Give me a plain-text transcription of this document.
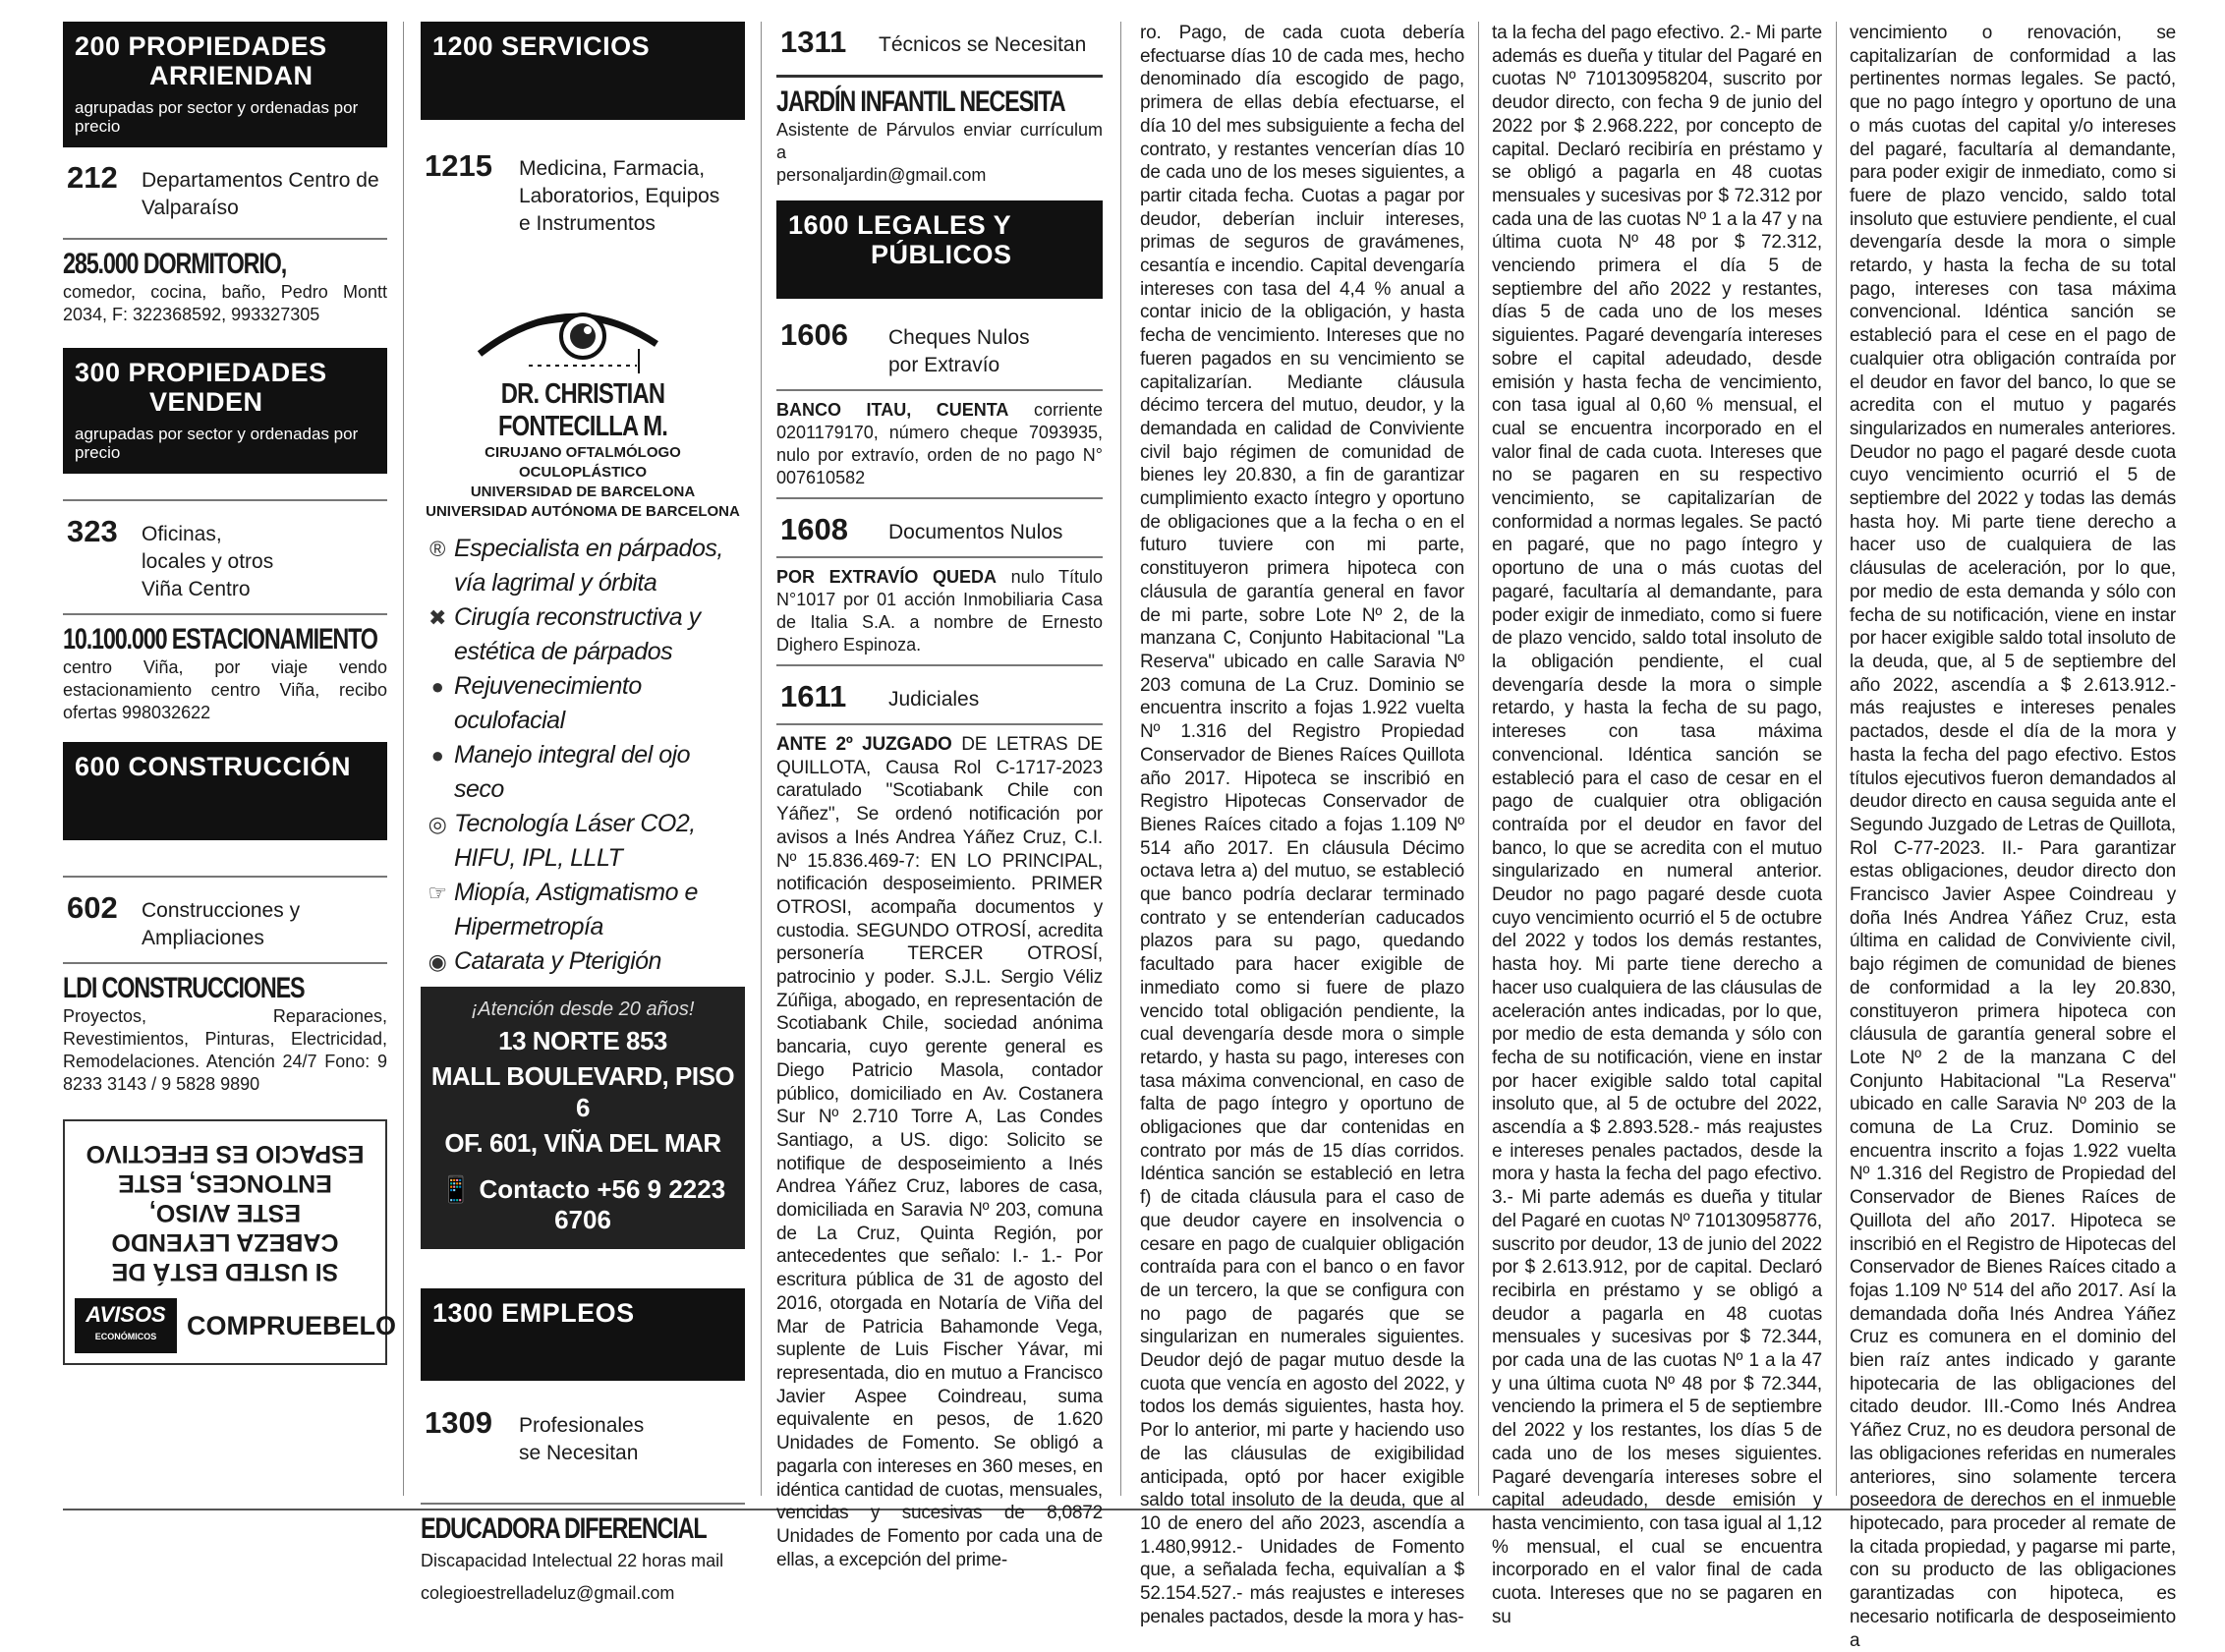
200 PROPIEDADES
ARRIENDAN
agrupadas por sector y ordenadas por precio
212	Departamentos Centro de Valparaíso
285.000 DORMITORIO,
comedor, cocina, baño, Pedro Montt 2034, F: 322368592, 993327305
300 PROPIEDADES
VENDEN
agrupadas por sector y ordenadas por precio
323	Oficinas,
locales y otros
Viña Centro
10.100.000 ESTACIONAMIENTO
centro Viña, por viaje vendo estacionamiento centro Viña, recibo ofertas 998032622
600 CONSTRUCCIÓN
602	Construcciones y
Ampliaciones
LDI CONSTRUCCIONES
Proyectos, Reparaciones, Revestimientos, Pinturas, Electricidad, Remodelaciones. Atención 24/7 Fono: 9 8233 3143 / 9 5828 9890
SI USTED ESTÁ DE
CABEZA LEYENDO
ESTE AVISO,
ENTONCES, ESTE
ESPACIO ES EFECTIVO
AVISOS
ECONÓMICOS	COMPRUEBELO
1200 SERVICIOS
1215	Medicina, Farmacia,
Laboratorios, Equipos
e Instrumentos
DR. CHRISTIAN FONTECILLA M.
CIRUJANO OFTALMÓLOGO OCULOPLÁSTICO
UNIVERSIDAD DE BARCELONA
UNIVERSIDAD AUTÓNOMA DE BARCELONA
® Especialista en párpados, vía lagrimal y órbita
✖ Cirugía reconstructiva y estética de párpados
● Rejuvenecimiento oculofacial
● Manejo integral del ojo seco
◎ Tecnología Láser CO2, HIFU, IPL, LLLT
☞ Miopía, Astigmatismo e Hipermetropía
◉ Catarata y Pterigión
¡Atención desde 20 años!
13 NORTE 853
MALL BOULEVARD, PISO 6
OF. 601, VIÑA DEL MAR
📱 Contacto +56 9 2223 6706
1300 EMPLEOS
1309	Profesionales
se Necesitan
EDUCADORA DIFERENCIAL
Discapacidad Intelectual 22 horas mail
colegioestrelladeluz@gmail.com
1311	Técnicos se Necesitan
JARDÍN INFANTIL NECESITA
Asistente de Párvulos enviar currículum a
personaljardin@gmail.com
1600 LEGALES Y
PÚBLICOS
1606	Cheques Nulos
por Extravío
BANCO ITAU, CUENTA corriente 0201179170, número cheque 7093935, nulo por extravío, orden de no pago N° 007610582
1608	Documentos Nulos
POR EXTRAVÍO QUEDA nulo Título N°1017 por 01 acción Inmobiliaria Casa de Italia S.A. a nombre de Ernesto Dighero Espinoza.
1611	Judiciales
ANTE 2º JUZGADO DE LETRAS DE QUILLOTA, Causa Rol C-1717-2023 caratulado "Scotiabank Chile con Yáñez", Se ordenó notificación por avisos a Inés Andrea Yáñez Cruz, C.I. Nº 15.836.469-7: EN LO PRINCIPAL, notificación desposeimiento. PRIMER OTROSI, acompaña documentos y custodia. SEGUNDO OTROSÍ, acredita personería TERCER OTROSÍ, patrocinio y poder. S.J.L. Sergio Véliz Zúñiga, abogado, en representación de Scotiabank Chile, sociedad anónima bancaria, cuyo gerente general es Diego Patricio Masola, contador público, domiciliado en Av. Costanera Sur Nº 2.710 Torre A, Las Condes Santiago, a US. digo: Solicito se notifique de desposeimiento a Inés Andrea Yáñez Cruz, labores de casa, domiciliada en Saravia Nº 203, comuna de La Cruz, Quinta Región, por antecedentes que señalo: I.- 1.- Por escritura pública de 31 de agosto del 2016, otorgada en Notaría de Viña del Mar de Patricia Bahamonde Vega, suplente de Luis Fischer Yávar, mi representada, dio en mutuo a Francisco Javier Aspee Coindreau, suma equivalente en pesos, de 1.620 Unidades de Fomento. Se obligó a pagarla con intereses en 360 meses, en idéntica cantidad de cuotas, mensuales, vencidas y sucesivas de 8,0872 Unidades de Fomento por cada una de ellas, a excepción del prime-
ro. Pago, de cada cuota debería efectuarse días 10 de cada mes, hecho denominado día escogido de pago, primera de ellas debía efectuarse, el día 10 del mes subsiguiente a fecha del contrato, y restantes vencerían días 10 de cada uno de los meses siguientes, a partir citada fecha. Cuotas a pagar por deudor, deberían incluir intereses, primas de seguros de gravámenes, cesantía e incendio. Capital devengaría intereses con tasa del 4,4 % anual a contar inicio de la obligación, y hasta fecha de vencimiento. Intereses que no fueren pagados en su vencimiento se capitalizarían. Mediante cláusula décimo tercera del mutuo, deudor, y la demandada en calidad de Conviviente civil bajo régimen de comunidad de bienes ley 20.830, a fin de garantizar cumplimiento exacto íntegro y oportuno de obligaciones que a la fecha o en el futuro tuviere con mi parte, constituyeron primera hipoteca con cláusula de garantía general en favor de mi parte, sobre Lote Nº 2, de la manzana C, Conjunto Habitacional "La Reserva" ubicado en calle Saravia Nº 203 comuna de La Cruz. Dominio se encuentra inscrito a fojas 1.922 vuelta Nº 1.316 del Registro Propiedad Conservador de Bienes Raíces Quillota año 2017. Hipoteca se inscribió en Registro Hipotecas Conservador de Bienes Raíces citado a fojas 1.109 Nº 514 año 2017. En cláusula Décimo octava letra a) del mutuo, se estableció que banco podría declarar terminado contrato y se entenderían caducados plazos para su pago, quedando facultado para hacer exigible de inmediato como si fuere de plazo vencido total obligación pendiente, la cual devengaría desde mora o simple retardo, y hasta su pago, intereses con tasa máxima convencional, en caso de falta de pago íntegro y oportuno de obligaciones que dar contenidas en contrato por más de 15 días corridos. Idéntica sanción se estableció en letra f) de citada cláusula para el caso de que deudor cayere en insolvencia o cesare en pago de cualquier obligación contraída para con el banco o en favor de un tercero, la que se configura con no pago de pagarés que se singularizan en numerales siguientes. Deudor dejó de pagar mutuo desde la cuota que vencía en agosto del 2022, y todos los demás siguientes, hasta hoy. Por lo anterior, mi parte y haciendo uso de las cláusulas de exigibilidad anticipada, optó por hacer exigible saldo total insoluto de la deuda, que al 10 de enero del año 2023, ascendía a 1.480,9912.- Unidades de Fomento que, a señalada fecha, equivalían a $ 52.154.527.- más reajustes e intereses penales pactados, desde la mora y has-
ta la fecha del pago efectivo. 2.- Mi parte además es dueña y titular del Pagaré en cuotas Nº 710130958204, suscrito por deudor directo, con fecha 9 de junio del 2022 por $ 2.968.222, por concepto de capital. Declaró recibiría en préstamo y se obligó a pagarla en 48 cuotas mensuales y sucesivas por $ 72.312 por cada una de las cuotas Nº 1 a la 47 y na última cuota Nº 48 por $ 72.312, venciendo primera el día 5 de septiembre del año 2022 y restantes, días 5 de cada uno de los meses siguientes. Pagaré devengaría intereses sobre el capital adeudado, desde emisión y hasta fecha de vencimiento, con tasa igual al 0,60 % mensual, el cual se encuentra incorporado en el valor final de cada cuota. Intereses que no se pagaren en su respectivo vencimiento, se capitalizarían de conformidad a normas legales. Se pactó en pagaré, que no pago íntegro y oportuno de una o más cuotas del pagaré, facultaría al demandante, para poder exigir de inmediato, como si fuere de plazo vencido, saldo total insoluto de la obligación pendiente, el cual devengaría desde la mora o simple retardo, y hasta la fecha de su pago, intereses con tasa máxima convencional. Idéntica sanción se estableció para el caso de cesar en el pago de cualquier otra obligación contraída por el deudor en favor del banco, lo que se acredita con el mutuo singularizado en numeral anterior. Deudor no pago pagaré desde cuota cuyo vencimiento ocurrió el 5 de octubre del 2022 y todos los demás restantes, hasta hoy. Mi parte tiene derecho a hacer uso cualquiera de las cláusulas de aceleración antes indicadas, por lo que, por medio de esta demanda y sólo con fecha de su notificación, viene en instar por hacer exigible saldo total capital insoluto que, al 5 de octubre del 2022, ascendía a $ 2.893.528.- más reajustes e intereses penales pactados, desde la mora y hasta la fecha del pago efectivo. 3.- Mi parte además es dueña y titular del Pagaré en cuotas Nº 710130958776, suscrito por deudor, 13 de junio del 2022 por $ 2.613.912, por de capital. Declaró recibirla en préstamo y se obligó a deudor a pagarla en 48 cuotas mensuales y sucesivas por $ 72.344, por cada una de las cuotas Nº 1 a la 47 y una última cuota Nº 48 por $ 72.344, venciendo la primera el 5 de septiembre del 2022 y los restantes, los días 5 de cada uno de los meses siguientes. Pagaré devengaría intereses sobre el capital adeudado, desde emisión y hasta vencimiento, con tasa igual al 1,12 % mensual, el cual se encuentra incorporado en el valor final de cada cuota. Intereses que no se pagaren en su
vencimiento o renovación, se capitalizarían de conformidad a las pertinentes normas legales. Se pactó, que no pago íntegro y oportuno de una o más cuotas del capital y/o intereses del pagaré, facultaría al demandante, para poder exigir de inmediato, como si fuere de plazo vencido, saldo total insoluto que estuviere pendiente, el cual devengaría desde la mora o simple retardo, y hasta la fecha de su total pago, intereses con tasa máxima convencional. Idéntica sanción se estableció para el cese en el pago de cualquier otra obligación contraída por el deudor en favor del banco, lo que se acredita con el mutuo y pagarés singularizados en numerales anteriores. Deudor no pago el pagaré desde cuota cuyo vencimiento ocurrió el 5 de septiembre del 2022 y todas las demás hasta hoy. Mi parte tiene derecho a hacer uso de cualquiera de las cláusulas de aceleración, por lo que, por medio de esta demanda y sólo con fecha de su notificación, viene en instar por hacer exigible saldo total insoluto de la deuda, que, al 5 de septiembre del año 2022, ascendía a $ 2.613.912.- más reajustes e intereses penales pactados, desde el día de la mora y hasta la fecha del pago efectivo. Estos títulos ejecutivos fueron demandados al deudor directo en causa seguida ante el Segundo Juzgado de Letras de Quillota, Rol C-77-2023. II.- Para garantizar estas obligaciones, deudor directo don Francisco Javier Aspee Coindreau y doña Inés Andrea Yáñez Cruz, esta última en calidad de Conviviente civil, bajo régimen de comunidad de bienes de conformidad a la ley 20.830, constituyeron primera hipoteca con cláusula de garantía general sobre el Lote Nº 2 de la manzana C del Conjunto Habitacional "La Reserva" ubicado en calle Saravia Nº 203 de la comuna de La Cruz. Dominio se encuentra inscrito a fojas 1.922 vuelta Nº 1.316 del Registro de Propiedad del Conservador de Bienes Raíces de Quillota del año 2017. Hipoteca se inscribió en el Registro de Hipotecas del Conservador de Bienes Raíces citado a fojas 1.109 Nº 514 del año 2017. Así la demandada doña Inés Andrea Yáñez Cruz es comunera en el dominio del bien raíz antes indicado y garante hipotecaria de las obligaciones del citado deudor. III.-Como Inés Andrea Yáñez Cruz, no es deudora personal de las obligaciones referidas en numerales anteriores, sino solamente tercera poseedora de derechos en el inmueble hipotecado, para proceder al remate de la citada propiedad, y pagarse mi parte, con su producto de las obligaciones garantizadas con hipoteca, es necesario notificarla de desposeimiento a
